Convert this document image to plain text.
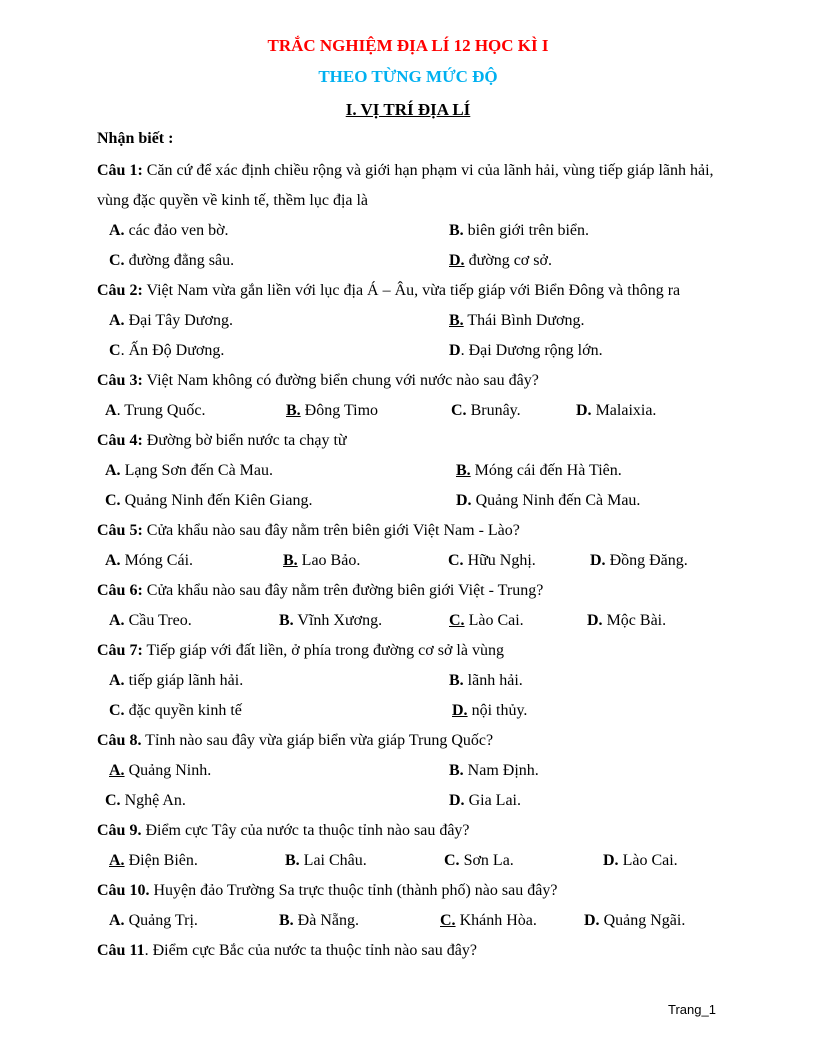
TRẮC NGHIỆM ĐỊA LÍ 12 HỌC KÌ I
THEO TỪNG MỨC ĐỘ
I. VỊ TRÍ ĐỊA LÍ
Nhận biết :
Câu 1: Căn cứ để xác định chiều rộng và giới hạn phạm vi của lãnh hải, vùng tiếp giáp lãnh hải, vùng đặc quyền về kinh tế, thềm lục địa là
A. các đảo ven bờ.	B. biên giới trên biển.
C. đường đẳng sâu.	D. đường cơ sở.
Câu 2: Việt Nam vừa gắn liền với lục địa Á – Âu, vừa tiếp giáp với Biển Đông và thông ra
A. Đại Tây Dương.	B. Thái Bình Dương.
C. Ấn Độ Dương.	D. Đại Dương rộng lớn.
Câu 3: Việt Nam không có đường biển chung với nước nào sau đây?
A. Trung Quốc.	B. Đông Timo	C. Brunây.	D. Malaixia.
Câu 4: Đường bờ biển nước ta chạy từ
A. Lạng Sơn đến Cà Mau.	B. Móng cái đến Hà Tiên.
C. Quảng Ninh đến Kiên Giang.	D. Quảng Ninh đến Cà Mau.
Câu 5: Cửa khẩu nào sau đây nằm trên biên giới Việt Nam - Lào?
A. Móng Cái.	B. Lao Bảo.	C. Hữu Nghị.	D. Đồng Đăng.
Câu 6: Cửa khẩu nào sau đây nằm trên đường biên giới Việt - Trung?
A. Cầu Treo.	B. Vĩnh Xương.	C. Lào Cai.	D. Mộc Bài.
Câu 7: Tiếp giáp với đất liền, ở phía trong đường cơ sở là vùng
A. tiếp giáp lãnh hải.	B. lãnh hải.
C. đặc quyền kinh tế	D. nội thủy.
Câu 8. Tỉnh nào sau đây vừa giáp biển vừa giáp Trung Quốc?
A. Quảng Ninh.	B. Nam Định.
C. Nghệ An.	D. Gia Lai.
Câu 9. Điểm cực Tây của nước ta thuộc tỉnh nào sau đây?
A. Điện Biên.	B. Lai Châu.	C. Sơn La.	D. Lào Cai.
Câu 10. Huyện đảo Trường Sa trực thuộc tỉnh (thành phố) nào sau đây?
A. Quảng Trị.	B. Đà Nẵng.	C. Khánh Hòa.	D. Quảng Ngãi.
Câu 11. Điểm cực Bắc của nước ta thuộc tỉnh nào sau đây?
Trang_1
